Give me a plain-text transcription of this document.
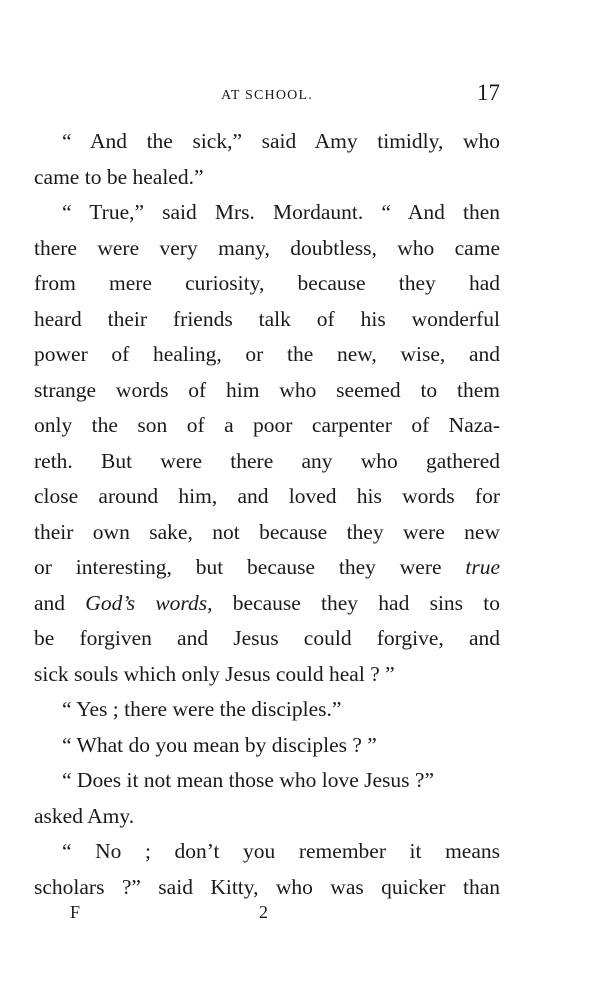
AT SCHOOL.	17
“ And the sick,” said Amy timidly, who
came to be healed.”
“ True,” said Mrs. Mordaunt. “ And then
there were very many, doubtless, who came
from mere curiosity, because they had
heard their friends talk of his wonderful
power of healing, or the new, wise, and
strange words of him who seemed to them
only the son of a poor carpenter of Naza-
reth. But were there any who gathered
close around him, and loved his words for
their own sake, not because they were new
or interesting, but because they were true
and God’s words, because they had sins to
be forgiven and Jesus could forgive, and
sick souls which only Jesus could heal ? ”
“ Yes ; there were the disciples.”
“ What do you mean by disciples ? ”
“ Does it not mean those who love Jesus ?”
asked Amy.
“ No ; don’t you remember it means
scholars ?” said Kitty, who was quicker than
F	2
